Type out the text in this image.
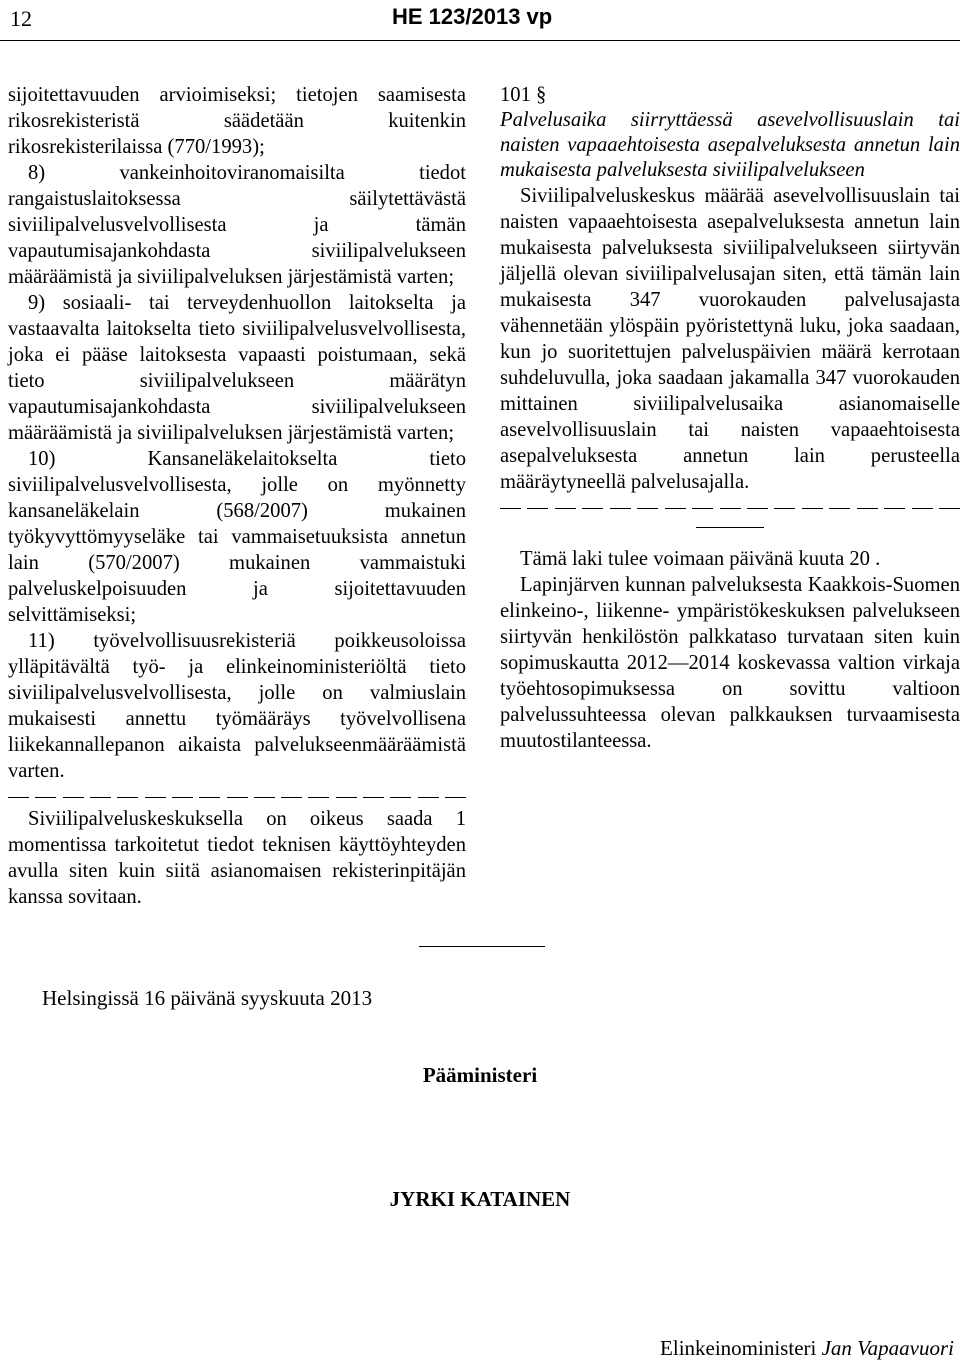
12	HE 123/2013 vp

sijoitettavuuden arvioimiseksi; tietojen saamisesta rikosrekisteristä säädetään kuitenkin rikosrekisterilaissa (770/1993);

8) vankeinhoitoviranomaisilta tiedot rangaistuslaitoksessa säilytettävästä siviilipalvelusvelvollisesta ja tämän vapautumisajankohdasta siviilipalvelukseen määräämistä ja siviilipalveluksen järjestämistä varten;

9) sosiaali- tai terveydenhuollon laitokselta ja vastaavalta laitokselta tieto siviilipalvelusvelvollisesta, joka ei pääse laitoksesta vapaasti poistumaan, sekä tieto siviilipalvelukseen määrätyn vapautumisajankohdasta siviilipalvelukseen määräämistä ja siviilipalveluksen järjestämistä varten;

10) Kansaneläkelaitokselta tieto siviilipalvelusvelvollisesta, jolle on myönnetty kansaneläkelain (568/2007) mukainen työkyvyttömyyseläke tai vammaisetuuksista annetun lain (570/2007) mukainen vammaistuki palveluskelpoisuuden ja sijoitettavuuden selvittämiseksi;

11) työvelvollisuusrekisteriä poikkeusoloissa ylläpitävältä työ- ja elinkeinoministeriöltä tieto siviilipalvelusvelvollisesta, jolle on valmiuslain mukaisesti annettu työmääräys työvelvollisena liikekannallepanon aikaista palvelukseenmääräämistä varten.

Siviilipalveluskeskuksella on oikeus saada 1 momentissa tarkoitetut tiedot teknisen käyttöyhteyden avulla siten kuin siitä asianomaisen rekisterinpitäjän kanssa sovitaan.

101 §

Palvelusaika siirryttäessä asevelvollisuuslain tai naisten vapaaehtoisesta asepalveluksesta annetun lain mukaisesta palveluksesta siviilipalvelukseen

Siviilipalveluskeskus määrää asevelvollisuuslain tai naisten vapaaehtoisesta asepalveluksesta annetun lain mukaisesta palveluksesta siviilipalvelukseen siirtyvän jäljellä olevan siviilipalvelusajan siten, että tämän lain mukaisesta 347 vuorokauden palvelusajasta vähennetään ylöspäin pyöristettynä luku, joka saadaan, kun jo suoritettujen palveluspäivien määrä kerrotaan suhdeluvulla, joka saadaan jakamalla 347 vuorokauden mittainen siviilipalvelusaika asianomaiselle asevelvollisuuslain tai naisten vapaaehtoisesta asepalveluksesta annetun lain perusteella määräytyneellä palvelusajalla.

Tämä laki tulee voimaan päivänä kuuta 20 .

Lapinjärven kunnan palveluksesta Kaakkois-Suomen elinkeino-, liikenne- ympäristökeskuksen palvelukseen siirtyvän henkilöstön palkkataso turvataan siten kuin sopimuskautta 2012—2014 koskevassa valtion virkaja työehtosopimuksessa on sovittu valtioon palvelussuhteessa olevan palkkauksen turvaamisesta muutostilanteessa.

Helsingissä 16 päivänä syyskuuta 2013
Pääministeri
JYRKI KATAINEN
Elinkeinoministeri Jan Vapaavuori
